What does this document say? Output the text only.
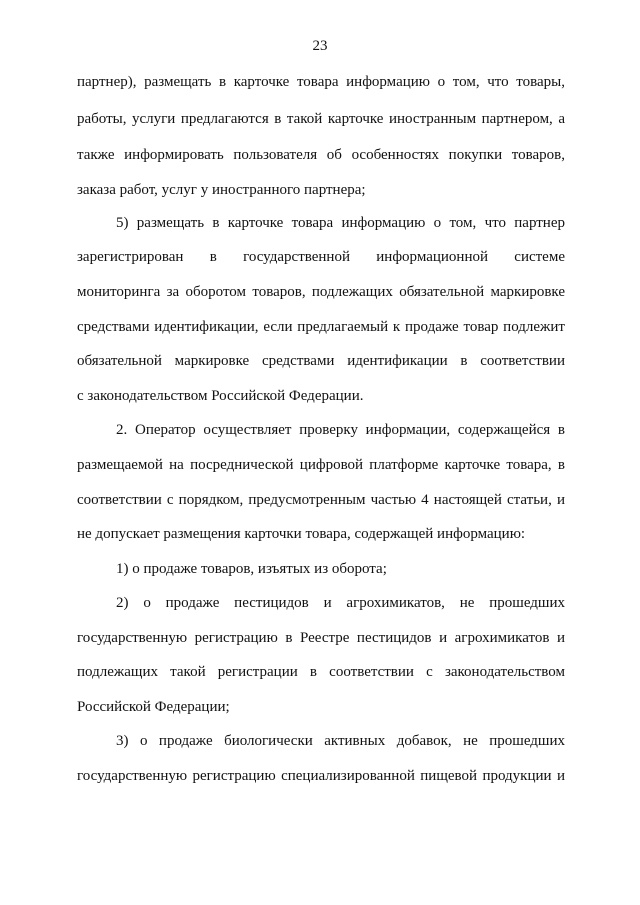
23
партнер), размещать в карточке товара информацию о том, что товары,
работы, услуги предлагаются в такой карточке иностранным партнером, а
также информировать пользователя об особенностях покупки товаров,
заказа работ, услуг у иностранного партнера;
5) размещать в карточке товара информацию о том, что партнер
зарегистрирован в государственной информационной системе
мониторинга за оборотом товаров, подлежащих обязательной маркировке
средствами идентификации, если предлагаемый к продаже товар подлежит
обязательной маркировке средствами идентификации в соответствии
с законодательством Российской Федерации.
2. Оператор осуществляет проверку информации, содержащейся в
размещаемой на посреднической цифровой платформе карточке товара, в
соответствии с порядком, предусмотренным частью 4 настоящей статьи, и
не допускает размещения карточки товара, содержащей информацию:
1) о продаже товаров, изъятых из оборота;
2) о продаже пестицидов и агрохимикатов, не прошедших
государственную регистрацию в Реестре пестицидов и агрохимикатов и
подлежащих такой регистрации в соответствии с законодательством
Российской Федерации;
3) о продаже биологически активных добавок, не прошедших
государственную регистрацию специализированной пищевой продукции и
